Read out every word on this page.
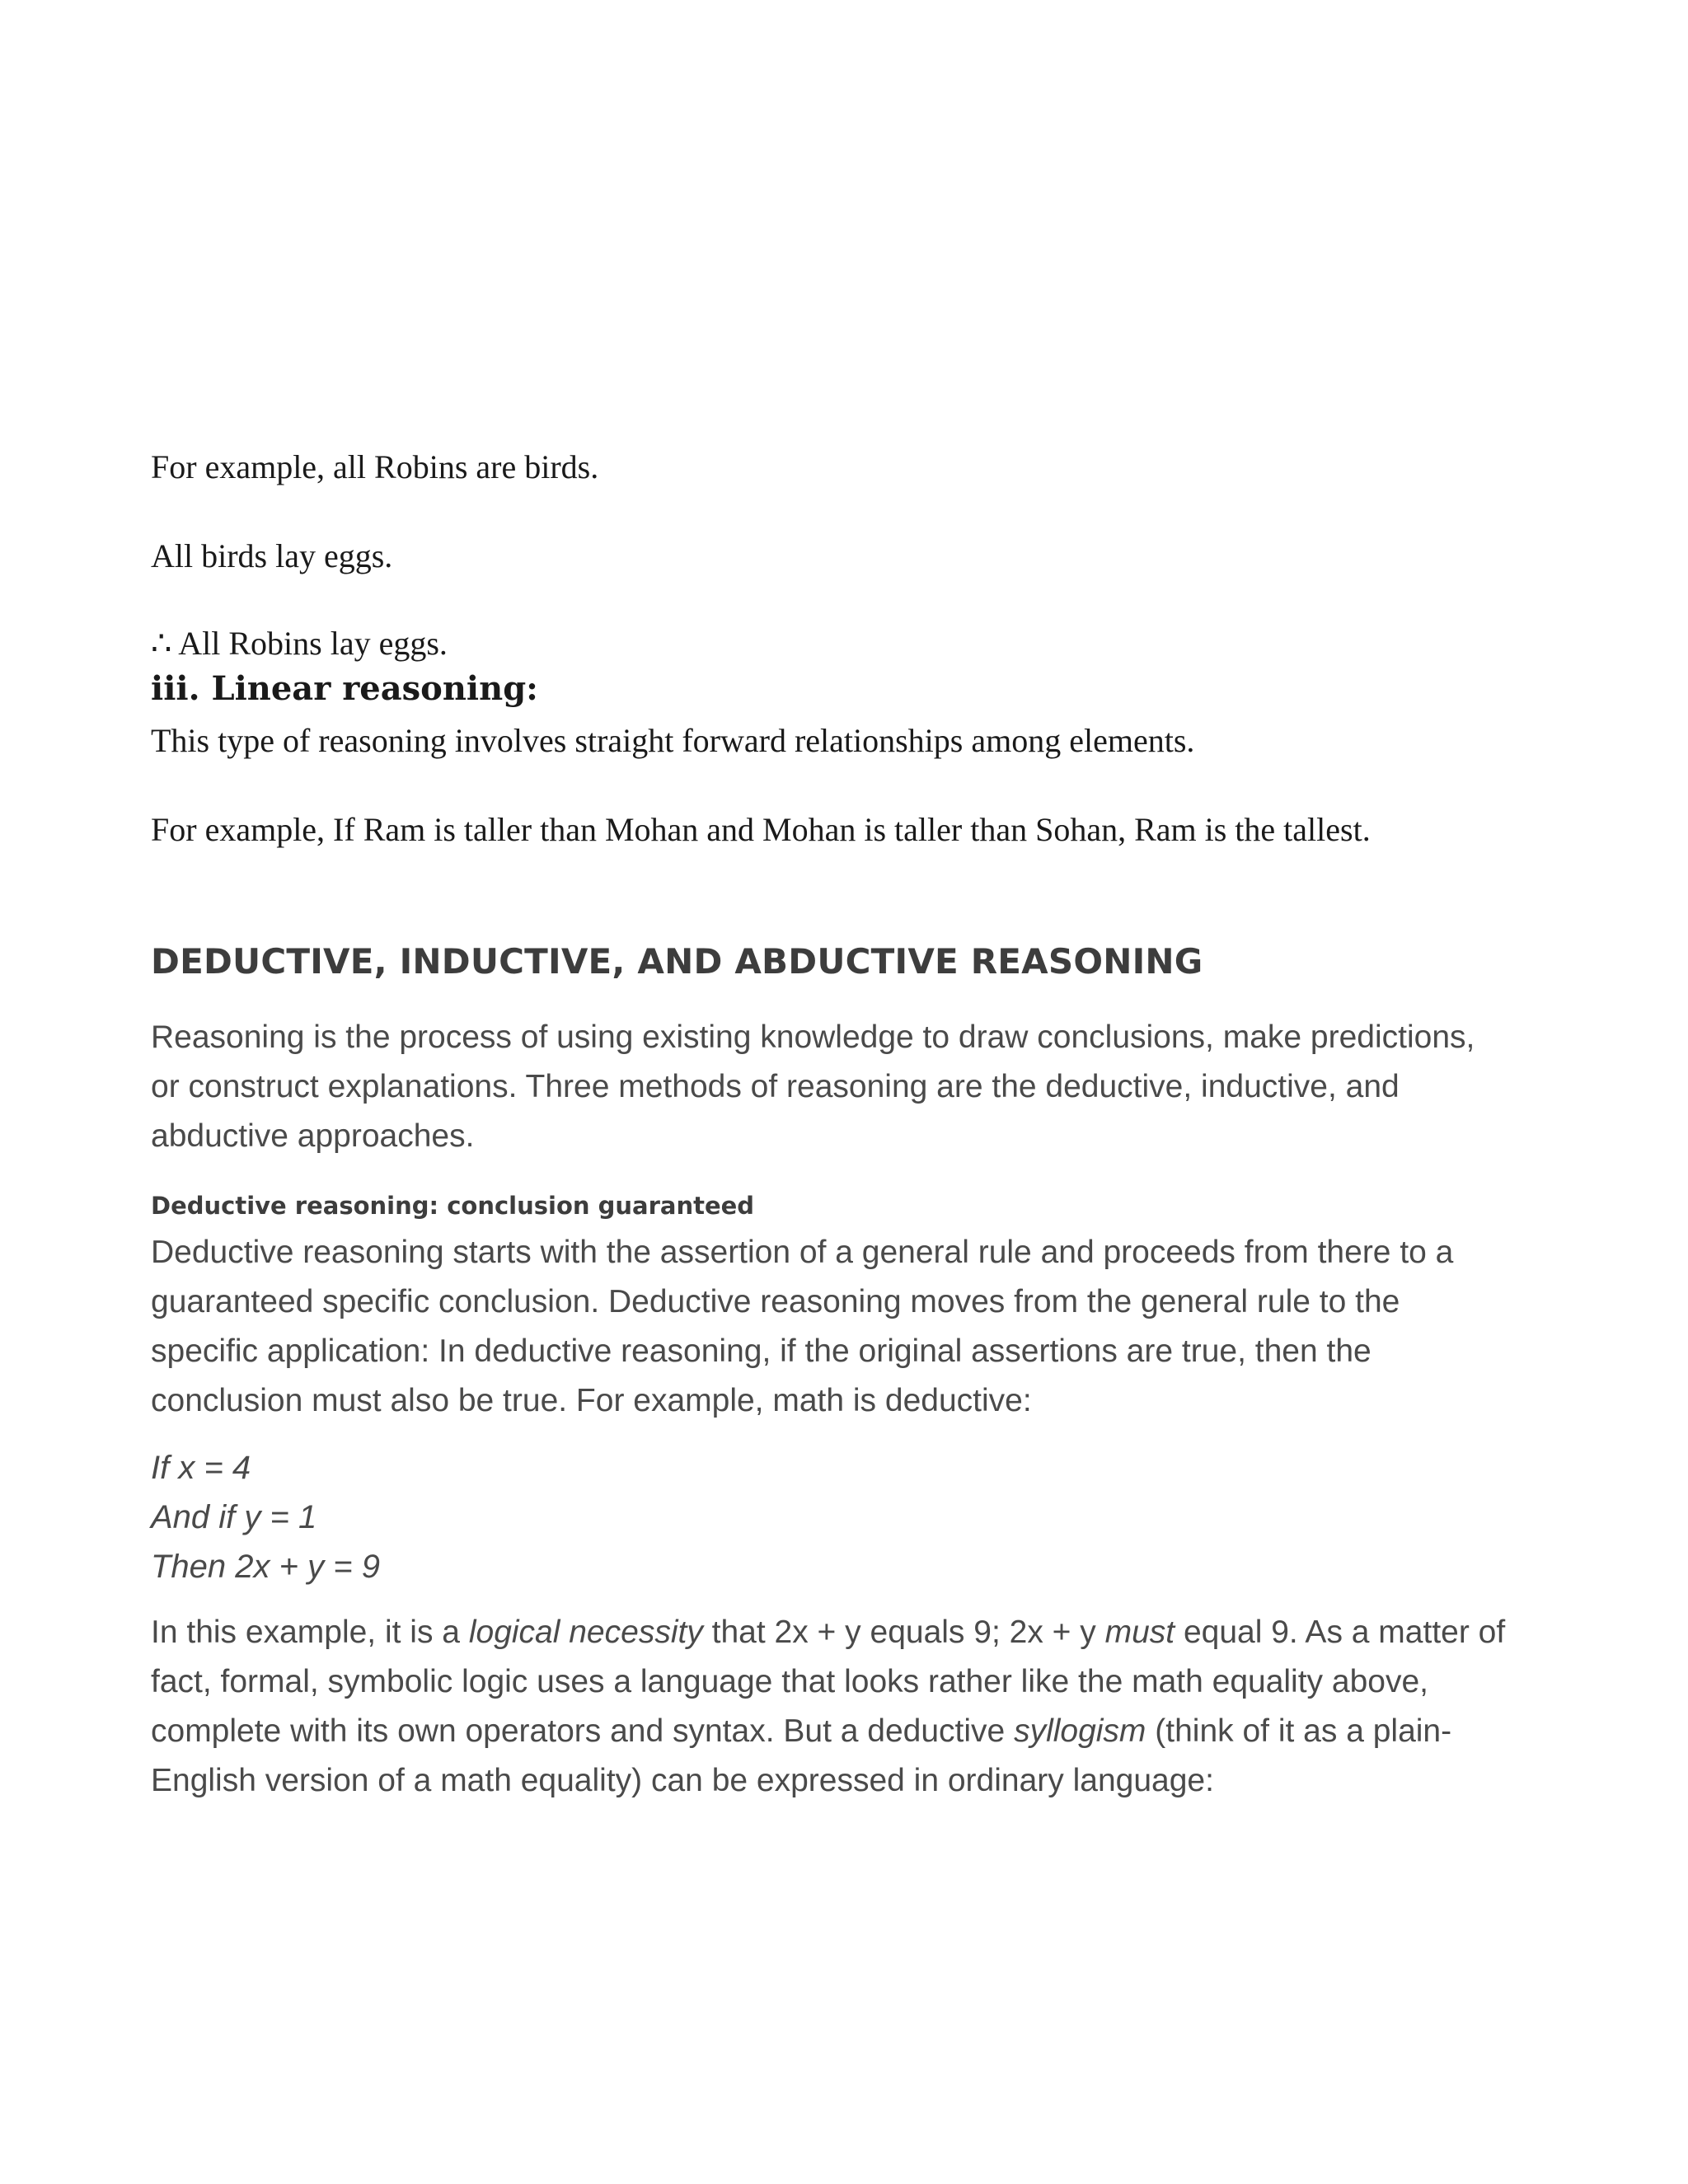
For example, all Robins are birds.

All birds lay eggs.

∴ All Robins lay eggs.

iii. Linear reasoning:

This type of reasoning involves straight forward relationships among elements.

For example, If Ram is taller than Mohan and Mohan is taller than Sohan, Ram is the tallest.

DEDUCTIVE, INDUCTIVE, AND ABDUCTIVE REASONING

Reasoning is the process of using existing knowledge to draw conclusions, make predictions, or construct explanations. Three methods of reasoning are the deductive, inductive, and abductive approaches.

Deductive reasoning: conclusion guaranteed

Deductive reasoning starts with the assertion of a general rule and proceeds from there to a guaranteed specific conclusion. Deductive reasoning moves from the general rule to the specific application: In deductive reasoning, if the original assertions are true, then the conclusion must also be true. For example, math is deductive:

If x = 4

And if y = 1

Then 2x + y = 9

In this example, it is a logical necessity that 2x + y equals 9; 2x + y must equal 9. As a matter of fact, formal, symbolic logic uses a language that looks rather like the math equality above, complete with its own operators and syntax. But a deductive syllogism (think of it as a plain-English version of a math equality) can be expressed in ordinary language:
